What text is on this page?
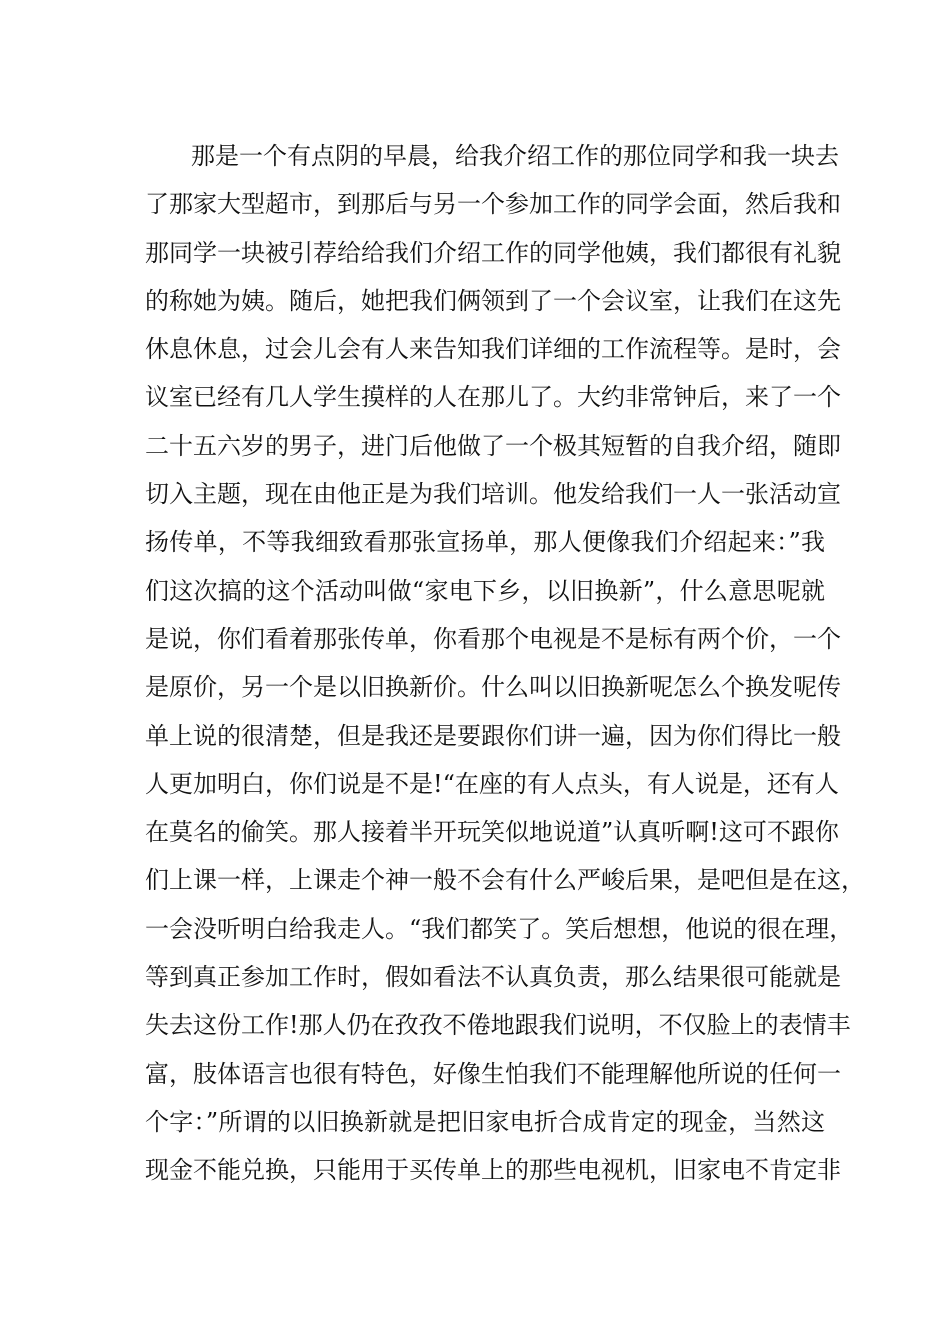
那是一个有点阴的早晨，给我介绍工作的那位同学和我一块去
了那家大型超市，到那后与另一个参加工作的同学会面，然后我和
那同学一块被引荐给给我们介绍工作的同学他姨，我们都很有礼貌
的称她为姨。随后，她把我们俩领到了一个会议室，让我们在这先
休息休息，过会儿会有人来告知我们详细的工作流程等。是时，会
议室已经有几人学生摸样的人在那儿了。大约非常钟后，来了一个
二十五六岁的男子，进门后他做了一个极其短暂的自我介绍，随即
切入主题，现在由他正是为我们培训。他发给我们一人一张活动宣
扬传单，不等我细致看那张宣扬单，那人便像我们介绍起来：”我
们这次搞的这个活动叫做“家电下乡，以旧换新”，什么意思呢就
是说，你们看着那张传单，你看那个电视是不是标有两个价，一个
是原价，另一个是以旧换新价。什么叫以旧换新呢怎么个换发呢传
单上说的很清楚，但是我还是要跟你们讲一遍，因为你们得比一般
人更加明白，你们说是不是!“在座的有人点头，有人说是，还有人
在莫名的偷笑。那人接着半开玩笑似地说道”认真听啊!这可不跟你
们上课一样，上课走个神一般不会有什么严峻后果，是吧但是在这，
一会没听明白给我走人。“我们都笑了。笑后想想，他说的很在理，
等到真正参加工作时，假如看法不认真负责，那么结果很可能就是
失去这份工作!那人仍在孜孜不倦地跟我们说明，不仅脸上的表情丰
富，肢体语言也很有特色，好像生怕我们不能理解他所说的任何一
个字：”所谓的以旧换新就是把旧家电折合成肯定的现金，当然这
现金不能兑换，只能用于买传单上的那些电视机，旧家电不肯定非
